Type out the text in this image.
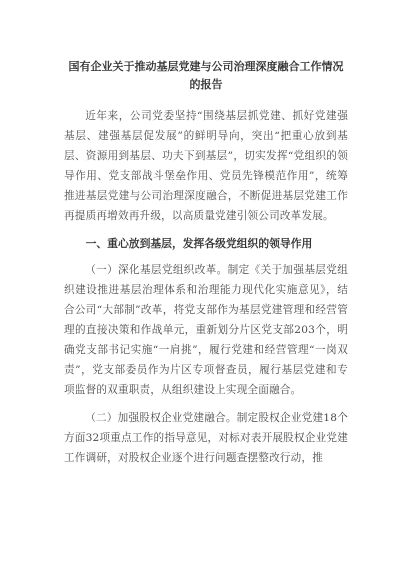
国有企业关于推动基层党建与公司治理深度融合工作情况
的报告

近年来，公司党委坚持“围绕基层抓党建、抓好党建强基层、建强基层促发展”的鲜明导向，突出“把重心放到基层、资源用到基层、功夫下到基层”，切实发挥“党组织的领导作用、党支部战斗堡垒作用、党员先锋模范作用”，统筹推进基层党建与公司治理深度融合，不断促进基层党建工作再提质再增效再升级，以高质量党建引领公司改革发展。

一、重心放到基层，发挥各级党组织的领导作用

（一）深化基层党组织改革。制定《关于加强基层党组织建设推进基层治理体系和治理能力现代化实施意见》，结合公司“大部制”改革，将党支部作为基层党建管理和经营管理的直接决策和作战单元，重新划分片区党支部203个，明确党支部书记实施“一肩挑”，履行党建和经营管理“一岗双责”，党支部委员作为片区专项督查员，履行基层党建和专项监督的双重职责，从组织建设上实现全面融合。

（二）加强股权企业党建融合。制定股权企业党建18个方面32项重点工作的指导意见，对标对表开展股权企业党建工作调研，对股权企业逐个进行问题查摆整改行动，推
